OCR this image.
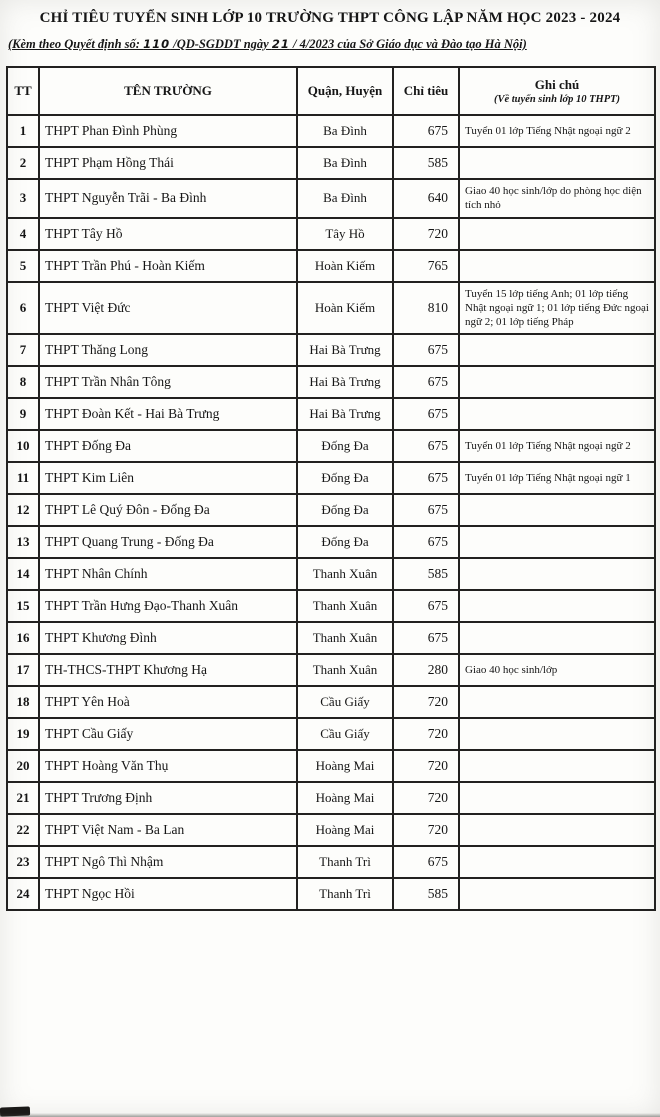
CHỈ TIÊU TUYỂN SINH LỚP 10 TRƯỜNG THPT CÔNG LẬP NĂM HỌC 2023 - 2024
(Kèm theo Quyết định số: 110 /QD-SGDDT ngày 21 / 4/2023 của Sở Giáo dục và Đào tạo Hà Nội)
TT	TÊN TRƯỜNG	Quận, Huyện	Chỉ tiêu	Ghi chú
(Về tuyển sinh lớp 10 THPT)

1	THPT Phan Đình Phùng	Ba Đình	675	Tuyển 01 lớp Tiếng Nhật ngoại ngữ 2
2	THPT Phạm Hồng Thái	Ba Đình	585	
3	THPT Nguyễn Trãi - Ba Đình	Ba Đình	640	Giao 40 học sinh/lớp do phòng học diện tích nhỏ
4	THPT Tây Hồ	Tây Hồ	720	
5	THPT Trần Phú - Hoàn Kiếm	Hoàn Kiếm	765	
6	THPT Việt Đức	Hoàn Kiếm	810	Tuyển 15 lớp tiếng Anh; 01 lớp tiếng Nhật ngoại ngữ 1; 01 lớp tiếng Đức ngoại ngữ 2; 01 lớp tiếng Pháp
7	THPT Thăng Long	Hai Bà Trưng	675	
8	THPT Trần Nhân Tông	Hai Bà Trưng	675	
9	THPT Đoàn Kết - Hai Bà Trưng	Hai Bà Trưng	675	
10	THPT Đống Đa	Đống Đa	675	Tuyển 01 lớp Tiếng Nhật ngoại ngữ 2
11	THPT Kim Liên	Đống Đa	675	Tuyển 01 lớp Tiếng Nhật ngoại ngữ 1
12	THPT Lê Quý Đôn - Đống Đa	Đống Đa	675	
13	THPT Quang Trung - Đống Đa	Đống Đa	675	
14	THPT Nhân Chính	Thanh Xuân	585	
15	THPT Trần Hưng Đạo-Thanh Xuân	Thanh Xuân	675	
16	THPT Khương Đình	Thanh Xuân	675	
17	TH-THCS-THPT Khương Hạ	Thanh Xuân	280	Giao 40 học sinh/lớp
18	THPT Yên Hoà	Cầu Giấy	720	
19	THPT Cầu Giấy	Cầu Giấy	720	
20	THPT Hoàng Văn Thụ	Hoàng Mai	720	
21	THPT Trương Định	Hoàng Mai	720	
22	THPT Việt Nam - Ba Lan	Hoàng Mai	720	
23	THPT Ngô Thì Nhậm	Thanh Trì	675	
24	THPT Ngọc Hồi	Thanh Trì	585	
